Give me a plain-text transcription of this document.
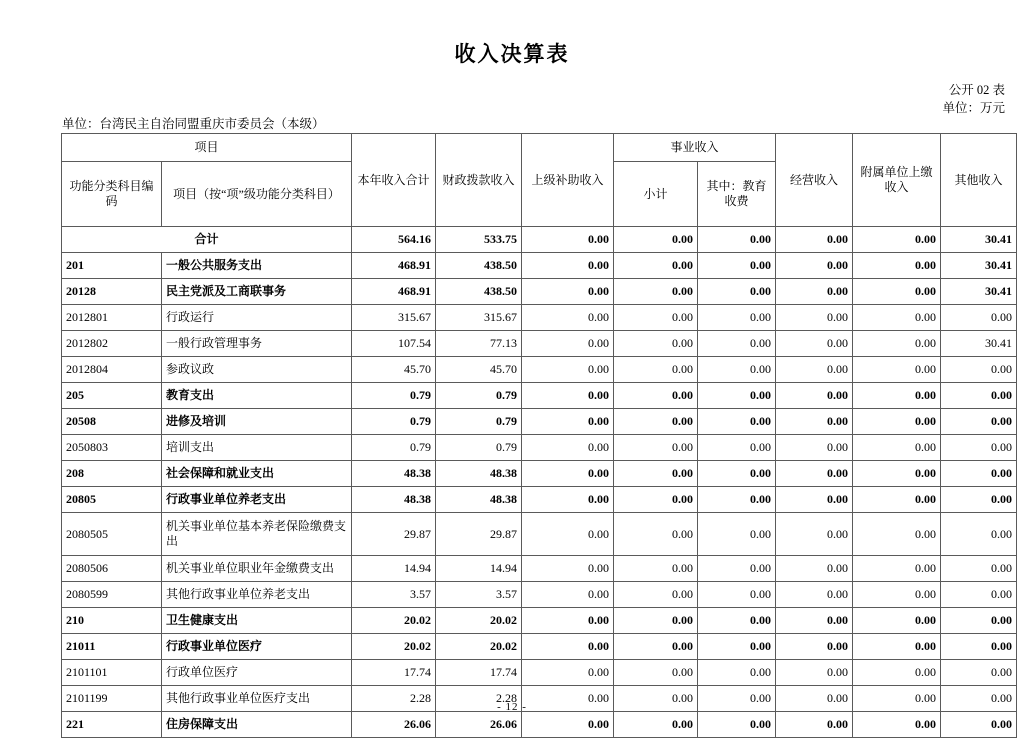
收入决算表
单位：台湾民主自治同盟重庆市委员会（本级）
公开 02 表
单位：万元
项目		本年收入合计	财政拨款收入	上级补助收入	事业收入		经营收入	附属单位上缴收入	其他收入
功能分类科目编码	项目（按“项”级功能分类科目）				小计	其中：教育收费			
合计		564.16	533.75	0.00	0.00	0.00	0.00	0.00	30.41
201	一般公共服务支出	468.91	438.50	0.00	0.00	0.00	0.00	0.00	30.41
20128	民主党派及工商联事务	468.91	438.50	0.00	0.00	0.00	0.00	0.00	30.41
2012801	行政运行	315.67	315.67	0.00	0.00	0.00	0.00	0.00	0.00
2012802	一般行政管理事务	107.54	77.13	0.00	0.00	0.00	0.00	0.00	30.41
2012804	参政议政	45.70	45.70	0.00	0.00	0.00	0.00	0.00	0.00
205	教育支出	0.79	0.79	0.00	0.00	0.00	0.00	0.00	0.00
20508	进修及培训	0.79	0.79	0.00	0.00	0.00	0.00	0.00	0.00
2050803	培训支出	0.79	0.79	0.00	0.00	0.00	0.00	0.00	0.00
208	社会保障和就业支出	48.38	48.38	0.00	0.00	0.00	0.00	0.00	0.00
20805	行政事业单位养老支出	48.38	48.38	0.00	0.00	0.00	0.00	0.00	0.00
2080505	机关事业单位基本养老保险缴费支出	29.87	29.87	0.00	0.00	0.00	0.00	0.00	0.00
2080506	机关事业单位职业年金缴费支出	14.94	14.94	0.00	0.00	0.00	0.00	0.00	0.00
2080599	其他行政事业单位养老支出	3.57	3.57	0.00	0.00	0.00	0.00	0.00	0.00
210	卫生健康支出	20.02	20.02	0.00	0.00	0.00	0.00	0.00	0.00
21011	行政事业单位医疗	20.02	20.02	0.00	0.00	0.00	0.00	0.00	0.00
2101101	行政单位医疗	17.74	17.74	0.00	0.00	0.00	0.00	0.00	0.00
2101199	其他行政事业单位医疗支出	2.28	2.28	0.00	0.00	0.00	0.00	0.00	0.00
221	住房保障支出	26.06	26.06	0.00	0.00	0.00	0.00	0.00	0.00
- 12 -
